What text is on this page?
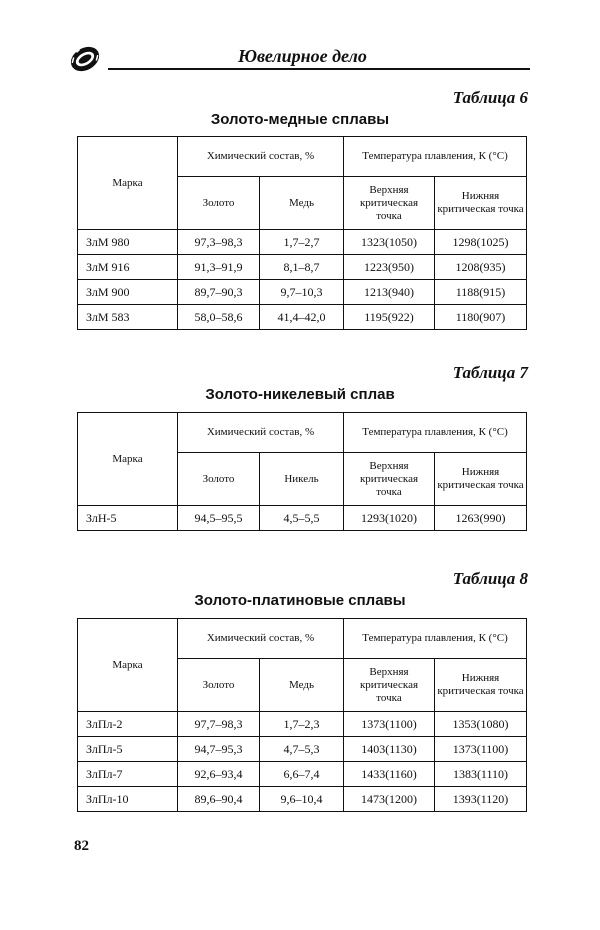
Ювелирное дело
Таблица 6
Золото-медные сплавы
Марка	Химический состав, %		Температура плавления, К (°С)	
	Золото	Медь	Верхняя критическая точка	Нижняя критическая точка
ЗлМ 980	97,3–98,3	1,7–2,7	1323(1050)	1298(1025)
ЗлМ 916	91,3–91,9	8,1–8,7	1223(950)	1208(935)
ЗлМ 900	89,7–90,3	9,7–10,3	1213(940)	1188(915)
ЗлМ 583	58,0–58,6	41,4–42,0	1195(922)	1180(907)
Таблица 7
Золото-никелевый сплав
Марка	Химический состав, %		Температура плавления, К (°С)	
	Золото	Никель	Верхняя критическая точка	Нижняя критическая точка
ЗлН-5	94,5–95,5	4,5–5,5	1293(1020)	1263(990)
Таблица 8
Золото-платиновые сплавы
Марка	Химический состав, %		Температура плавления, К (°С)	
	Золото	Медь	Верхняя критическая точка	Нижняя критическая точка
ЗлПл-2	97,7–98,3	1,7–2,3	1373(1100)	1353(1080)
ЗлПл-5	94,7–95,3	4,7–5,3	1403(1130)	1373(1100)
ЗлПл-7	92,6–93,4	6,6–7,4	1433(1160)	1383(1110)
ЗлПл-10	89,6–90,4	9,6–10,4	1473(1200)	1393(1120)
82
